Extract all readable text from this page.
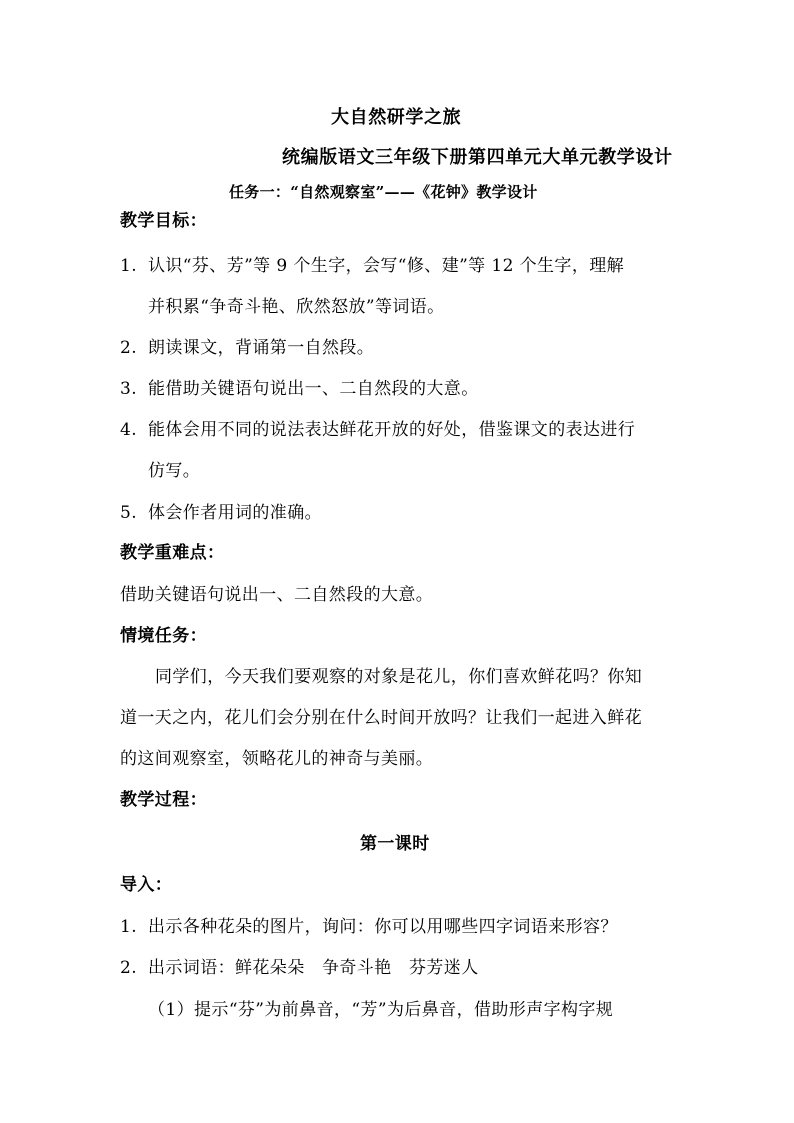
大自然研学之旅
统编版语文三年级下册第四单元大单元教学设计
任务一：“自然观察室”——《花钟》教学设计
教学目标：
1. 认识“芬、芳”等 9 个生字，会写“修、建”等 12 个生字，理解
并积累“争奇斗艳、欣然怒放”等词语。
2. 朗读课文，背诵第一自然段。
3. 能借助关键语句说出一、二自然段的大意。
4. 能体会用不同的说法表达鲜花开放的好处，借鉴课文的表达进行
仿写。
5. 体会作者用词的准确。
教学重难点：
借助关键语句说出一、二自然段的大意。
情境任务：
同学们，今天我们要观察的对象是花儿，你们喜欢鲜花吗？你知
道一天之内，花儿们会分别在什么时间开放吗？让我们一起进入鲜花
的这间观察室，领略花儿的神奇与美丽。
教学过程：
第一课时
导入：
1. 出示各种花朵的图片，询问：你可以用哪些四字词语来形容？
2. 出示词语：鲜花朵朵　争奇斗艳　芬芳迷人
（1）提示“芬”为前鼻音，“芳”为后鼻音，借助形声字构字规
